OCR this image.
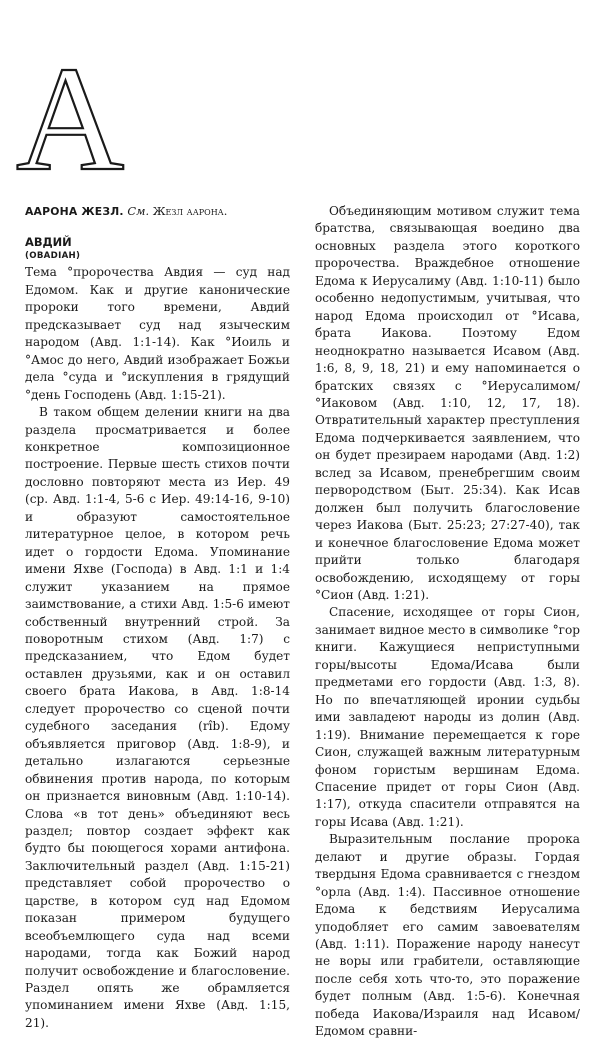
А

ААРОНА ЖЕЗЛ. См. Жезл аарона.

АВДИЙ

(OBADIAH)

Тема °пророчества Авдия — суд над Едомом. Как и другие канонические пророки того времени, Авдий предсказывает суд над языческим народом (Авд. 1:1-14). Как °Иоиль и °Амос до него, Авдий изображает Божьи дела °суда и °искупления в грядущий °день Господень (Авд. 1:15-21).

В таком общем делении книги на два раздела просматривается и более конкретное композиционное построение. Первые шесть стихов почти дословно повторяют места из Иер. 49 (ср. Авд. 1:1-4, 5-6 с Иер. 49:14-16, 9-10) и образуют самостоятельное литературное целое, в котором речь идет о гордости Едома. Упоминание имени Яхве (Господа) в Авд. 1:1 и 1:4 служит указанием на прямое заимствование, а стихи Авд. 1:5-6 имеют собственный внутренний строй. За поворотным стихом (Авд. 1:7) с предсказанием, что Едом будет оставлен друзьями, как и он оставил своего брата Иакова, в Авд. 1:8-14 следует пророчество со сценой почти судебного заседания (rîb). Едому объявляется приговор (Авд. 1:8-9), и детально излагаются серьезные обвинения против народа, по которым он признается виновным (Авд. 1:10-14). Слова «в тот день» объединяют весь раздел; повтор создает эффект как будто бы поющегося хорами антифона. Заключительный раздел (Авд. 1:15-21) представляет собой пророчество о царстве, в котором суд над Едомом показан примером будущего всеобъемлющего суда над всеми народами, тогда как Божий народ получит освобождение и благословение. Раздел опять же обрамляется упоминанием имени Яхве (Авд. 1:15, 21).

Объединяющим мотивом служит тема братства, связывающая воедино два основных раздела этого короткого пророчества. Враждебное отношение Едома к Иерусалиму (Авд. 1:10-11) было особенно недопустимым, учитывая, что народ Едома происходил от °Исава, брата Иакова. Поэтому Едом неоднократно называется Исавом (Авд. 1:6, 8, 9, 18, 21) и ему напоминается о братских связях с °Иерусалимом/°Иаковом (Авд. 1:10, 12, 17, 18). Отвратительный характер преступления Едома подчеркивается заявлением, что он будет презираем народами (Авд. 1:2) вслед за Исавом, пренебрегшим своим первородством (Быт. 25:34). Как Исав должен был получить благословение через Иакова (Быт. 25:23; 27:27-40), так и конечное благословение Едома может прийти только благодаря освобождению, исходящему от горы °Сион (Авд. 1:21).

Спасение, исходящее от горы Сион, занимает видное место в символике °гор книги. Кажущиеся неприступными горы/высоты Едома/Исава были предметами его гордости (Авд. 1:3, 8). Но по впечатляющей иронии судьбы ими завладеют народы из долин (Авд. 1:19). Внимание перемещается к горе Сион, служащей важным литературным фоном гористым вершинам Едома. Спасение придет от горы Сион (Авд. 1:17), откуда спасители отправятся на горы Исава (Авд. 1:21).

Выразительным послание пророка делают и другие образы. Гордая твердыня Едома сравнивается с гнездом °орла (Авд. 1:4). Пассивное отношение Едома к бедствиям Иерусалима уподобляет его самим завоевателям (Авд. 1:11). Поражение народу нанесут не воры или грабители, оставляющие после себя хоть что-то, это поражение будет полным (Авд. 1:5-6). Конечная победа Иакова/Израиля над Исавом/Едомом сравни-
